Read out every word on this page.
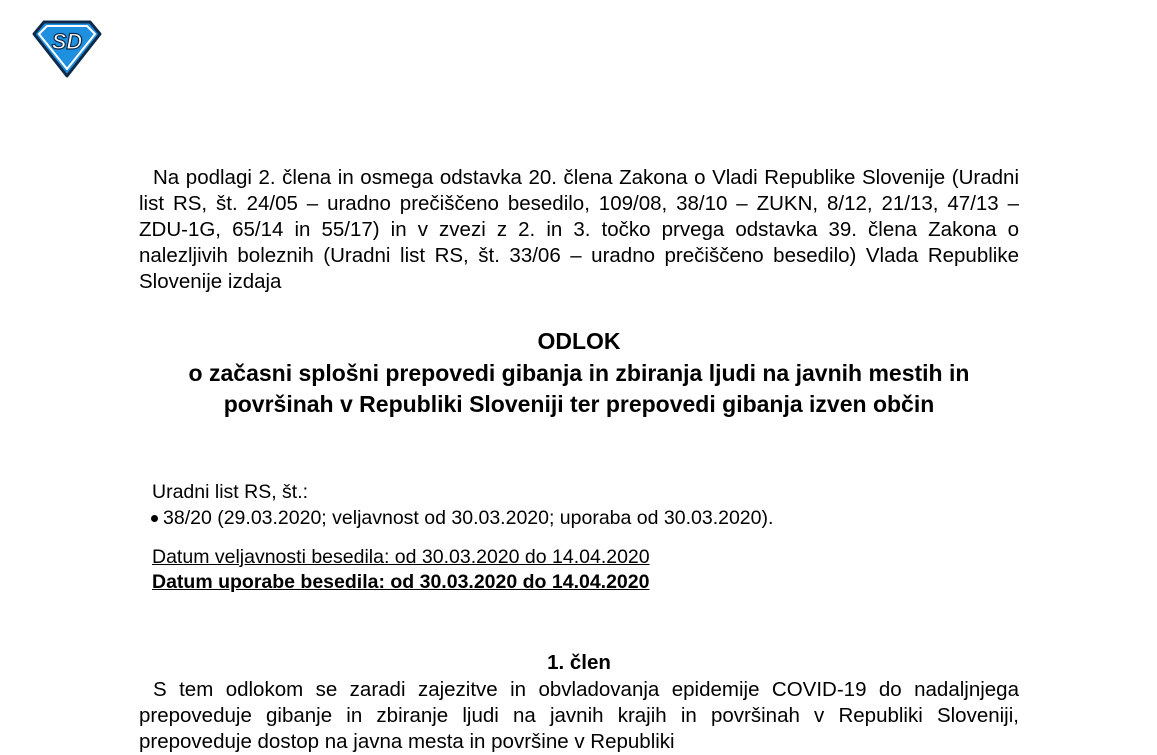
SD

Na podlagi 2. člena in osmega odstavka 20. člena Zakona o Vladi Republike Slovenije (Uradni list RS, št. 24/05 – uradno prečiščeno besedilo, 109/08, 38/10 – ZUKN, 8/12, 21/13, 47/13 – ZDU-1G, 65/14 in 55/17) in v zvezi z 2. in 3. točko prvega odstavka 39. člena Zakona o nalezljivih boleznih (Uradni list RS, št. 33/06 – uradno prečiščeno besedilo) Vlada Republike Slovenije izdaja

ODLOK
o začasni splošni prepovedi gibanja in zbiranja ljudi na javnih mestih in površinah v Republiki Sloveniji ter prepovedi gibanja izven občin
Uradni list RS, št.:
38/20 (29.03.2020; veljavnost od 30.03.2020; uporaba od 30.03.2020).
Datum veljavnosti besedila: od 30.03.2020 do 14.04.2020
Datum uporabe besedila: od 30.03.2020 do 14.04.2020
1. člen

S tem odlokom se zaradi zajezitve in obvladovanja epidemije COVID-19 do nadaljnjega prepoveduje gibanje in zbiranje ljudi na javnih krajih in površinah v Republiki Sloveniji, prepoveduje dostop na javna mesta in površine v Republiki
